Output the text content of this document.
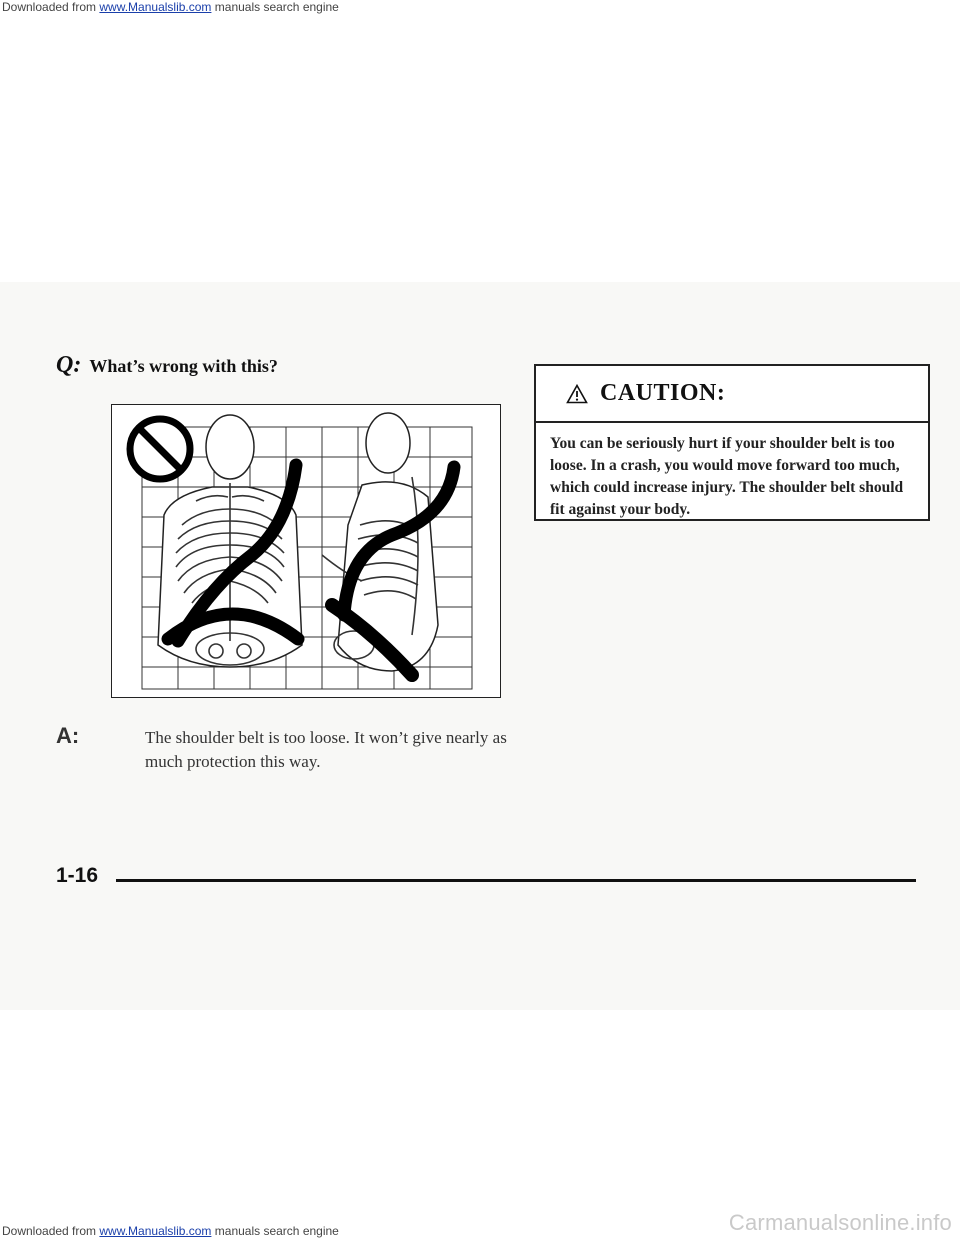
Downloaded from www.Manualslib.com manuals search engine
Q: What’s wrong with this?
A:	The shoulder belt is too loose. It won’t give nearly as much protection this way.
CAUTION:
You can be seriously hurt if your shoulder belt is too loose. In a crash, you would move forward too much, which could increase injury. The shoulder belt should fit against your body.
1-16
Carmanualsonline.info
Downloaded from www.Manualslib.com manuals search engine
